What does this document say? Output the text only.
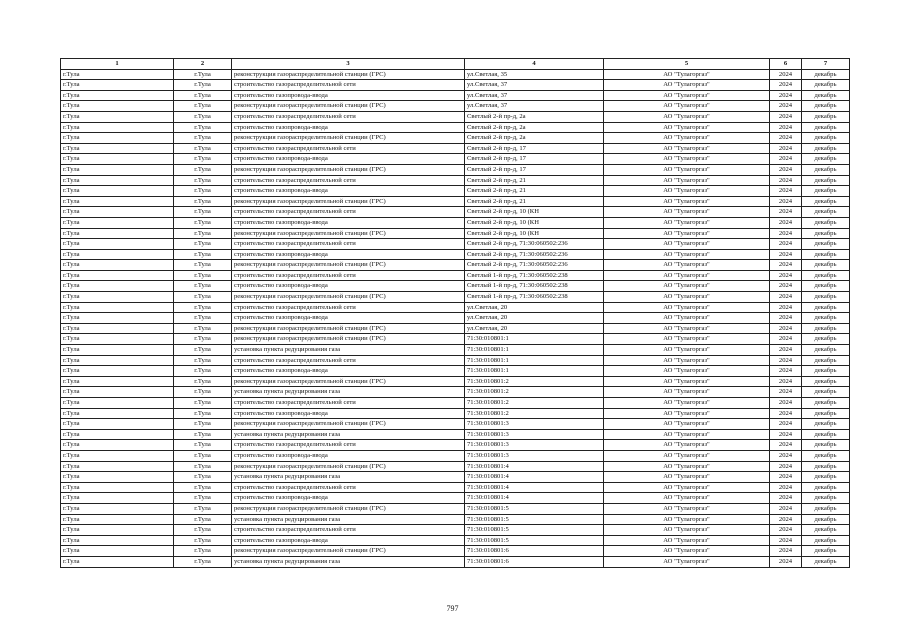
1	2	3	4	5	6	7
г.Тула	г.Тула	реконструкция газораспределительной станции (ГРС)	ул.Светлая, 35	АО "Тулагоргаз"	2024	декабрь
г.Тула	г.Тула	строительство газораспределительной сети	ул.Светлая, 37	АО "Тулагоргаз"	2024	декабрь
г.Тула	г.Тула	строительство газопровода-ввода	ул.Светлая, 37	АО "Тулагоргаз"	2024	декабрь
г.Тула	г.Тула	реконструкция газораспределительной станции (ГРС)	ул.Светлая, 37	АО "Тулагоргаз"	2024	декабрь
г.Тула	г.Тула	строительство газораспределительной сети	Светлый 2-й пр-д, 2а	АО "Тулагоргаз"	2024	декабрь
г.Тула	г.Тула	строительство газопровода-ввода	Светлый 2-й пр-д, 2а	АО "Тулагоргаз"	2024	декабрь
г.Тула	г.Тула	реконструкция газораспределительной станции (ГРС)	Светлый 2-й пр-д, 2а	АО "Тулагоргаз"	2024	декабрь
г.Тула	г.Тула	строительство газораспределительной сети	Светлый 2-й пр-д, 17	АО "Тулагоргаз"	2024	декабрь
г.Тула	г.Тула	строительство газопровода-ввода	Светлый 2-й пр-д, 17	АО "Тулагоргаз"	2024	декабрь
г.Тула	г.Тула	реконструкция газораспределительной станции (ГРС)	Светлый 2-й пр-д, 17	АО "Тулагоргаз"	2024	декабрь
г.Тула	г.Тула	строительство газораспределительной сети	Светлый 2-й пр-д, 21	АО "Тулагоргаз"	2024	декабрь
г.Тула	г.Тула	строительство газопровода-ввода	Светлый 2-й пр-д, 21	АО "Тулагоргаз"	2024	декабрь
г.Тула	г.Тула	реконструкция газораспределительной станции (ГРС)	Светлый 2-й пр-д, 21	АО "Тулагоргаз"	2024	декабрь
г.Тула	г.Тула	строительство газораспределительной сети	Светлый 2-й пр-д, 10 (КН	АО "Тулагоргаз"	2024	декабрь
г.Тула	г.Тула	строительство газопровода-ввода	Светлый 2-й пр-д, 10 (КН	АО "Тулагоргаз"	2024	декабрь
г.Тула	г.Тула	реконструкция газораспределительной станции (ГРС)	Светлый 2-й пр-д, 10 (КН	АО "Тулагоргаз"	2024	декабрь
г.Тула	г.Тула	строительство газораспределительной сети	Светлый 2-й пр-д, 71:30:060502:236	АО "Тулагоргаз"	2024	декабрь
г.Тула	г.Тула	строительство газопровода-ввода	Светлый 2-й пр-д, 71:30:060502:236	АО "Тулагоргаз"	2024	декабрь
г.Тула	г.Тула	реконструкция газораспределительной станции (ГРС)	Светлый 2-й пр-д, 71:30:060502:236	АО "Тулагоргаз"	2024	декабрь
г.Тула	г.Тула	строительство газораспределительной сети	Светлый 1-й пр-д, 71:30:060502:238	АО "Тулагоргаз"	2024	декабрь
г.Тула	г.Тула	строительство газопровода-ввода	Светлый 1-й пр-д, 71:30:060502:238	АО "Тулагоргаз"	2024	декабрь
г.Тула	г.Тула	реконструкция газораспределительной станции (ГРС)	Светлый 1-й пр-д, 71:30:060502:238	АО "Тулагоргаз"	2024	декабрь
г.Тула	г.Тула	строительство газораспределительной сети	ул.Светлая, 20	АО "Тулагоргаз"	2024	декабрь
г.Тула	г.Тула	строительство газопровода-ввода	ул.Светлая, 20	АО "Тулагоргаз"	2024	декабрь
г.Тула	г.Тула	реконструкция газораспределительной станции (ГРС)	ул.Светлая, 20	АО "Тулагоргаз"	2024	декабрь
г.Тула	г.Тула	реконструкция газораспределительной станции (ГРС)	71:30:010801:1	АО "Тулагоргаз"	2024	декабрь
г.Тула	г.Тула	установка пункта редуцирования газа	71:30:010801:1	АО "Тулагоргаз"	2024	декабрь
г.Тула	г.Тула	строительство газораспределительной сети	71:30:010801:1	АО "Тулагоргаз"	2024	декабрь
г.Тула	г.Тула	строительство газопровода-ввода	71:30:010801:1	АО "Тулагоргаз"	2024	декабрь
г.Тула	г.Тула	реконструкция газораспределительной станции (ГРС)	71:30:010801:2	АО "Тулагоргаз"	2024	декабрь
г.Тула	г.Тула	установка пункта редуцирования газа	71:30:010801:2	АО "Тулагоргаз"	2024	декабрь
г.Тула	г.Тула	строительство газораспределительной сети	71:30:010801:2	АО "Тулагоргаз"	2024	декабрь
г.Тула	г.Тула	строительство газопровода-ввода	71:30:010801:2	АО "Тулагоргаз"	2024	декабрь
г.Тула	г.Тула	реконструкция газораспределительной станции (ГРС)	71:30:010801:3	АО "Тулагоргаз"	2024	декабрь
г.Тула	г.Тула	установка пункта редуцирования газа	71:30:010801:3	АО "Тулагоргаз"	2024	декабрь
г.Тула	г.Тула	строительство газораспределительной сети	71:30:010801:3	АО "Тулагоргаз"	2024	декабрь
г.Тула	г.Тула	строительство газопровода-ввода	71:30:010801:3	АО "Тулагоргаз"	2024	декабрь
г.Тула	г.Тула	реконструкция газораспределительной станции (ГРС)	71:30:010801:4	АО "Тулагоргаз"	2024	декабрь
г.Тула	г.Тула	установка пункта редуцирования газа	71:30:010801:4	АО "Тулагоргаз"	2024	декабрь
г.Тула	г.Тула	строительство газораспределительной сети	71:30:010801:4	АО "Тулагоргаз"	2024	декабрь
г.Тула	г.Тула	строительство газопровода-ввода	71:30:010801:4	АО "Тулагоргаз"	2024	декабрь
г.Тула	г.Тула	реконструкция газораспределительной станции (ГРС)	71:30:010801:5	АО "Тулагоргаз"	2024	декабрь
г.Тула	г.Тула	установка пункта редуцирования газа	71:30:010801:5	АО "Тулагоргаз"	2024	декабрь
г.Тула	г.Тула	строительство газораспределительной сети	71:30:010801:5	АО "Тулагоргаз"	2024	декабрь
г.Тула	г.Тула	строительство газопровода-ввода	71:30:010801:5	АО "Тулагоргаз"	2024	декабрь
г.Тула	г.Тула	реконструкция газораспределительной станции (ГРС)	71:30:010801:6	АО "Тулагоргаз"	2024	декабрь
г.Тула	г.Тула	установка пункта редуцирования газа	71:30:010801:6	АО "Тулагоргаз"	2024	декабрь
797
